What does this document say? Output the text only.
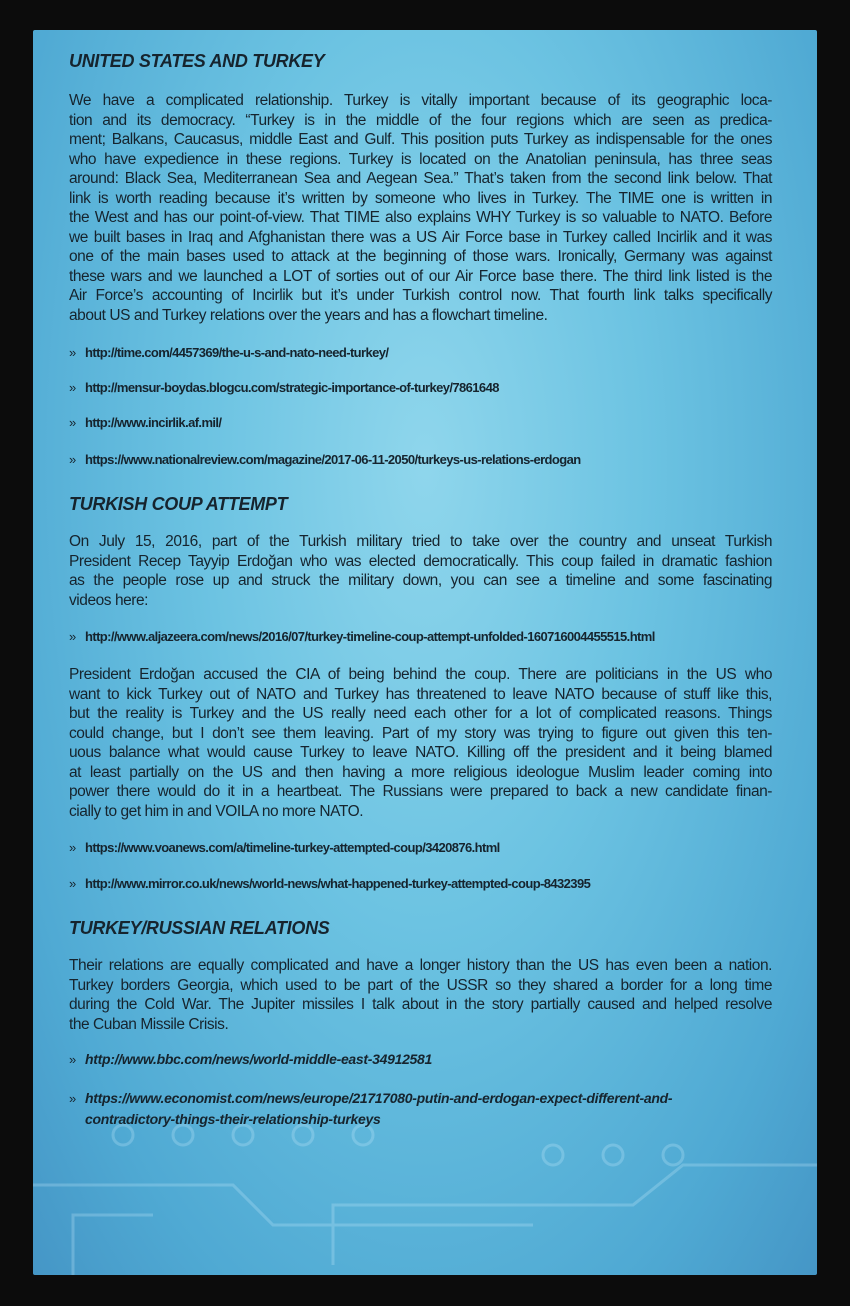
UNITED STATES AND TURKEY
We have a complicated relationship. Turkey is vitally important because of its geographic loca-
tion and its democracy. “Turkey is in the middle of the four regions which are seen as predica-
ment; Balkans, Caucasus, middle East and Gulf. This position puts Turkey as indispensable for the ones
who have expedience in these regions. Turkey is located on the Anatolian peninsula, has three seas
around: Black Sea, Mediterranean Sea and Aegean Sea.” That’s taken from the second link below. That
link is worth reading because it’s written by someone who lives in Turkey. The TIME one is written in
the West and has our point-of-view. That TIME also explains WHY Turkey is so valuable to NATO. Before
we built bases in Iraq and Afghanistan there was a US Air Force base in Turkey called Incirlik and it was
one of the main bases used to attack at the beginning of those wars. Ironically, Germany was against
these wars and we launched a LOT of sorties out of our Air Force base there. The third link listed is the
Air Force’s accounting of Incirlik but it’s under Turkish control now. That fourth link talks specifically
about US and Turkey relations over the years and has a flowchart timeline.
» http://time.com/4457369/the-u-s-and-nato-need-turkey/
» http://mensur-boydas.blogcu.com/strategic-importance-of-turkey/7861648
» http://www.incirlik.af.mil/
» https://www.nationalreview.com/magazine/2017-06-11-2050/turkeys-us-relations-erdogan
TURKISH COUP ATTEMPT
On July 15, 2016, part of the Turkish military tried to take over the country and unseat Turkish
President Recep Tayyip Erdoğan who was elected democratically. This coup failed in dramatic fashion
as the people rose up and struck the military down, you can see a timeline and some fascinating
videos here:
» http://www.aljazeera.com/news/2016/07/turkey-timeline-coup-attempt-unfolded-160716004455515.html
President Erdoğan accused the CIA of being behind the coup. There are politicians in the US who
want to kick Turkey out of NATO and Turkey has threatened to leave NATO because of stuff like this,
but the reality is Turkey and the US really need each other for a lot of complicated reasons. Things
could change, but I don’t see them leaving. Part of my story was trying to figure out given this ten-
uous balance what would cause Turkey to leave NATO. Killing off the president and it being blamed
at least partially on the US and then having a more religious ideologue Muslim leader coming into
power there would do it in a heartbeat. The Russians were prepared to back a new candidate finan-
cially to get him in and VOILA no more NATO.
» https://www.voanews.com/a/timeline-turkey-attempted-coup/3420876.html
» http://www.mirror.co.uk/news/world-news/what-happened-turkey-attempted-coup-8432395
TURKEY/RUSSIAN RELATIONS
Their relations are equally complicated and have a longer history than the US has even been a nation.
Turkey borders Georgia, which used to be part of the USSR so they shared a border for a long time
during the Cold War. The Jupiter missiles I talk about in the story partially caused and helped resolve
the Cuban Missile Crisis.
» http://www.bbc.com/news/world-middle-east-34912581
» https://www.economist.com/news/europe/21717080-putin-and-erdogan-expect-different-and-
contradictory-things-their-relationship-turkeys
